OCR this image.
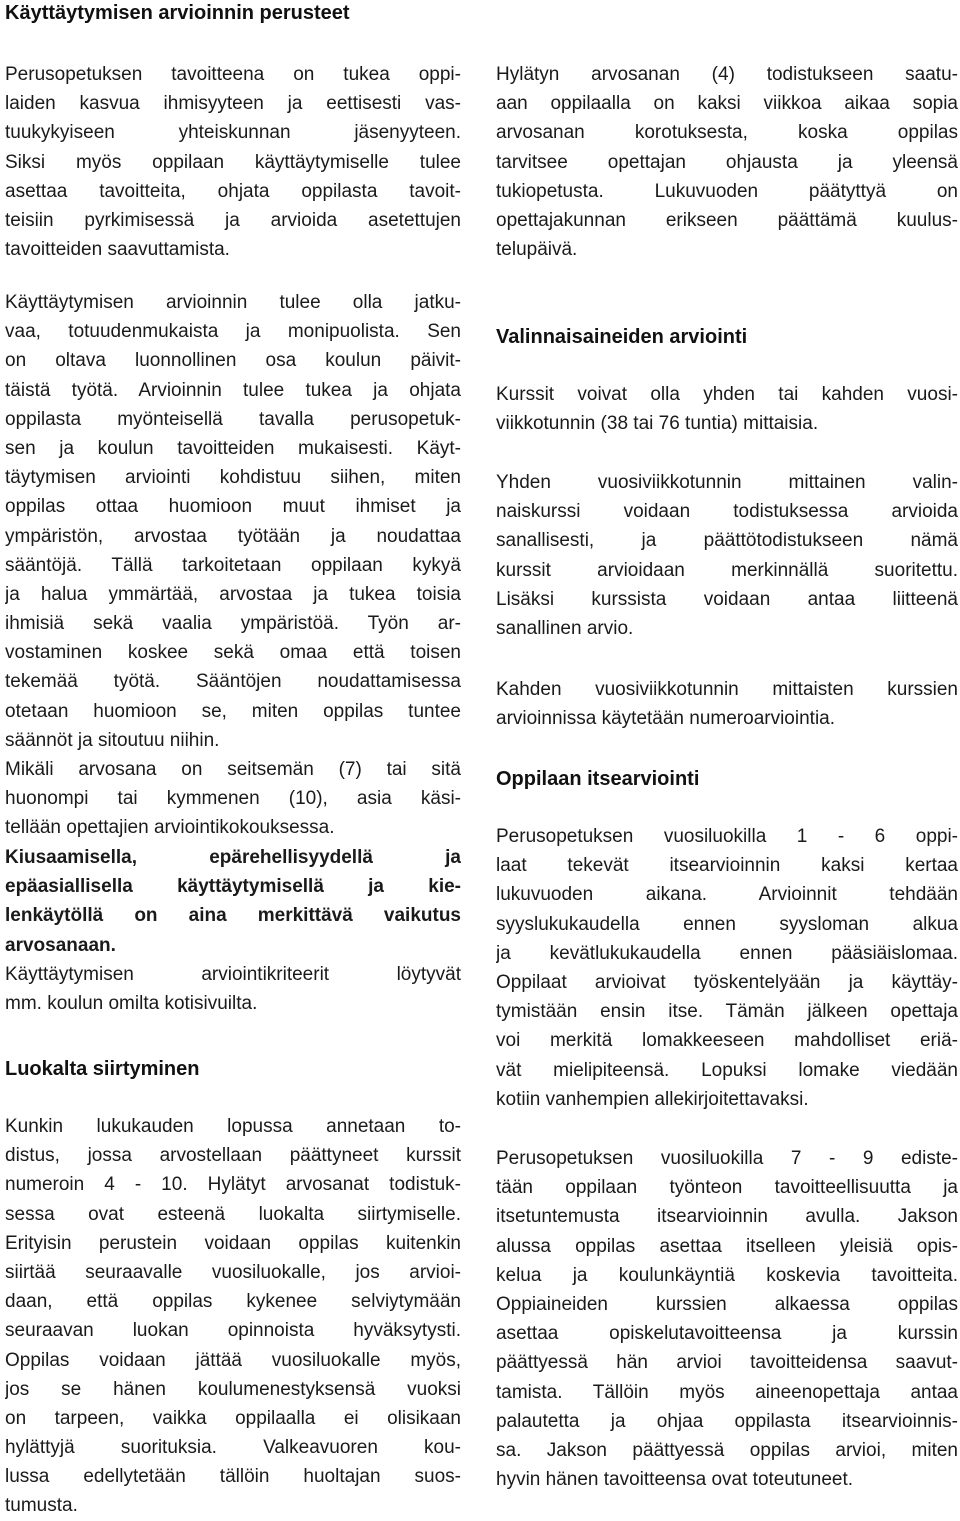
Käyttäytymisen arvioinnin perusteet
Perusopetuksen tavoitteena on tukea oppi-
laiden kasvua ihmisyyteen ja eettisesti vas-
tuukykyiseen yhteiskunnan jäsenyyteen.
Siksi myös oppilaan käyttäytymiselle tulee
asettaa tavoitteita, ohjata oppilasta tavoit-
teisiin pyrkimisessä ja arvioida asetettujen
tavoitteiden saavuttamista.
Käyttäytymisen arvioinnin tulee olla jatku-
vaa, totuudenmukaista ja monipuolista. Sen
on oltava luonnollinen osa koulun päivit-
täistä työtä. Arvioinnin tulee tukea ja ohjata
oppilasta myönteisellä tavalla perusopetuk-
sen ja koulun tavoitteiden mukaisesti. Käyt-
täytymisen arviointi kohdistuu siihen, miten
oppilas ottaa huomioon muut ihmiset ja
ympäristön, arvostaa työtään ja noudattaa
sääntöjä. Tällä tarkoitetaan oppilaan kykyä
ja halua ymmärtää, arvostaa ja tukea toisia
ihmisiä sekä vaalia ympäristöä. Työn ar-
vostaminen koskee sekä omaa että toisen
tekemää työtä. Sääntöjen noudattamisessa
otetaan huomioon se, miten oppilas tuntee
säännöt ja sitoutuu niihin.
Mikäli arvosana on seitsemän (7) tai sitä
huonompi tai kymmenen (10), asia käsi-
tellään opettajien arviointikokouksessa.
Kiusaamisella, epärehellisyydellä ja
epäasiallisella käyttäytymisellä ja kie-
lenkäytöllä on aina merkittävä vaikutus
arvosanaan.
Käyttäytymisen arviointikriteerit löytyvät
mm. koulun omilta kotisivuilta.
Luokalta siirtyminen
Kunkin lukukauden lopussa annetaan to-
distus, jossa arvostellaan päättyneet kurssit
numeroin 4 - 10. Hylätyt arvosanat todistuk-
sessa ovat esteenä luokalta siirtymiselle.
Erityisin perustein voidaan oppilas kuitenkin
siirtää seuraavalle vuosiluokalle, jos arvioi-
daan, että oppilas kykenee selviytymään
seuraavan luokan opinnoista hyväksytysti.
Oppilas voidaan jättää vuosiluokalle myös,
jos se hänen koulumenestyksensä vuoksi
on tarpeen, vaikka oppilaalla ei olisikaan
hylättyjä suorituksia. Valkeavuoren kou-
lussa edellytetään tällöin huoltajan suos-
tumusta.
Hylätyn arvosanan (4) todistukseen saatu-
aan oppilaalla on kaksi viikkoa aikaa sopia
arvosanan korotuksesta, koska oppilas
tarvitsee opettajan ohjausta ja yleensä
tukiopetusta. Lukuvuoden päätyttyä on
opettajakunnan erikseen päättämä kuulus-
telupäivä.
Valinnaisaineiden arviointi
Kurssit voivat olla yhden tai kahden vuosi-
viikkotunnin (38 tai 76 tuntia) mittaisia.
Yhden vuosiviikkotunnin mittainen valin-
naiskurssi voidaan todistuksessa arvioida
sanallisesti, ja päättötodistukseen nämä
kurssit arvioidaan merkinnällä suoritettu.
Lisäksi kurssista voidaan antaa liitteenä
sanallinen arvio.
Kahden vuosiviikkotunnin mittaisten kurssien
arvioinnissa käytetään numeroarviointia.
Oppilaan itsearviointi
Perusopetuksen vuosiluokilla 1 - 6 oppi-
laat tekevät itsearvioinnin kaksi kertaa
lukuvuoden aikana. Arvioinnit tehdään
syyslukukaudella ennen syysloman alkua
ja kevätlukukaudella ennen pääsiäislomaa.
Oppilaat arvioivat työskentelyään ja käyttäy-
tymistään ensin itse. Tämän jälkeen opettaja
voi merkitä lomakkeeseen mahdolliset eriä-
vät mielipiteensä. Lopuksi lomake viedään
kotiin vanhempien allekirjoitettavaksi.
Perusopetuksen vuosiluokilla 7 - 9 ediste-
tään oppilaan työnteon tavoitteellisuutta ja
itsetuntemusta itsearvioinnin avulla. Jakson
alussa oppilas asettaa itselleen yleisiä opis-
kelua ja koulunkäyntiä koskevia tavoitteita.
Oppiaineiden kurssien alkaessa oppilas
asettaa opiskelutavoitteensa ja kurssin
päättyessä hän arvioi tavoitteidensa saavut-
tamista. Tällöin myös aineenopettaja antaa
palautetta ja ohjaa oppilasta itsearvioinnis-
sa. Jakson päättyessä oppilas arvioi, miten
hyvin hänen tavoitteensa ovat toteutuneet.
